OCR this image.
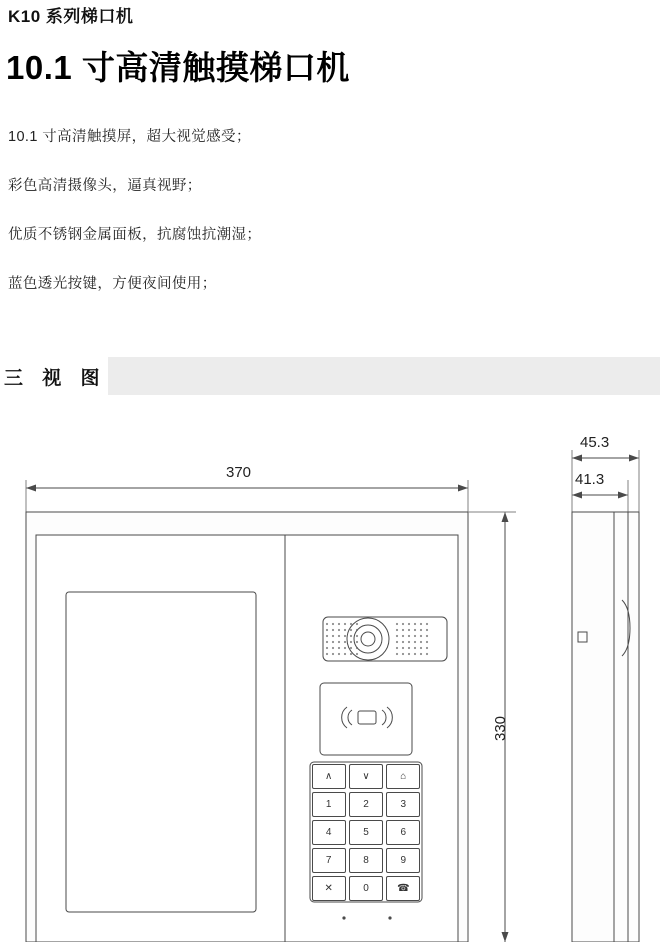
K10 系列梯口机
10.1 寸高清触摸梯口机
10.1 寸高清触摸屏，超大视觉感受；
彩色高清摄像头，逼真视野；
优质不锈钢金属面板，抗腐蚀抗潮湿；
蓝色透光按键，方便夜间使用；
三 视 图
∧	∨	⌂
1	2	3
4	5	6
7	8	9
✕	0	☎
370
330
45.3
41.3
